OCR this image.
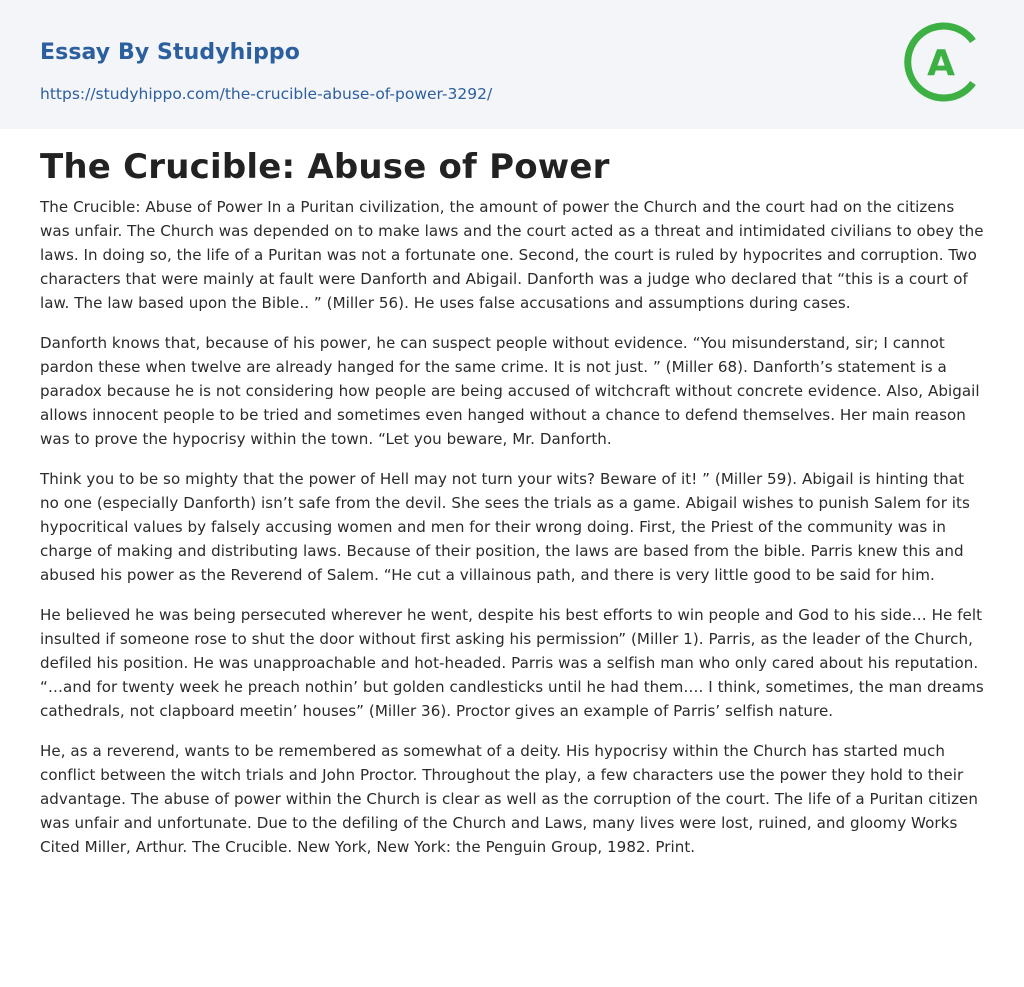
Essay By Studyhippo
https://studyhippo.com/the-crucible-abuse-of-power-3292/
A
The Crucible: Abuse of Power

The Crucible: Abuse of Power In a Puritan civilization, the amount of power the Church and the court had on the citizens was unfair. The Church was depended on to make laws and the court acted as a threat and intimidated civilians to obey the laws. In doing so, the life of a Puritan was not a fortunate one. Second, the court is ruled by hypocrites and corruption. Two characters that were mainly at fault were Danforth and Abigail. Danforth was a judge who declared that “this is a court of law. The law based upon the Bible.. ” (Miller 56). He uses false accusations and assumptions during cases.

Danforth knows that, because of his power, he can suspect people without evidence. “You misunderstand, sir; I cannot pardon these when twelve are already hanged for the same crime. It is not just. ” (Miller 68). Danforth’s statement is a paradox because he is not considering how people are being accused of witchcraft without concrete evidence. Also, Abigail allows innocent people to be tried and sometimes even hanged without a chance to defend themselves. Her main reason was to prove the hypocrisy within the town. “Let you beware, Mr. Danforth.

Think you to be so mighty that the power of Hell may not turn your wits? Beware of it! ” (Miller 59). Abigail is hinting that no one (especially Danforth) isn’t safe from the devil. She sees the trials as a game. Abigail wishes to punish Salem for its hypocritical values by falsely accusing women and men for their wrong doing. First, the Priest of the community was in charge of making and distributing laws. Because of their position, the laws are based from the bible. Parris knew this and abused his power as the Reverend of Salem. “He cut a villainous path, and there is very little good to be said for him.

He believed he was being persecuted wherever he went, despite his best efforts to win people and God to his side… He felt insulted if someone rose to shut the door without first asking his permission” (Miller 1). Parris, as the leader of the Church, defiled his position. He was unapproachable and hot-headed. Parris was a selfish man who only cared about his reputation. “…and for twenty week he preach nothin’ but golden candlesticks until he had them…. I think, sometimes, the man dreams cathedrals, not clapboard meetin’ houses” (Miller 36). Proctor gives an example of Parris’ selfish nature.

He, as a reverend, wants to be remembered as somewhat of a deity. His hypocrisy within the Church has started much conflict between the witch trials and John Proctor. Throughout the play, a few characters use the power they hold to their advantage. The abuse of power within the Church is clear as well as the corruption of the court. The life of a Puritan citizen was unfair and unfortunate. Due to the defiling of the Church and Laws, many lives were lost, ruined, and gloomy Works Cited Miller, Arthur. The Crucible. New York, New York: the Penguin Group, 1982. Print.
